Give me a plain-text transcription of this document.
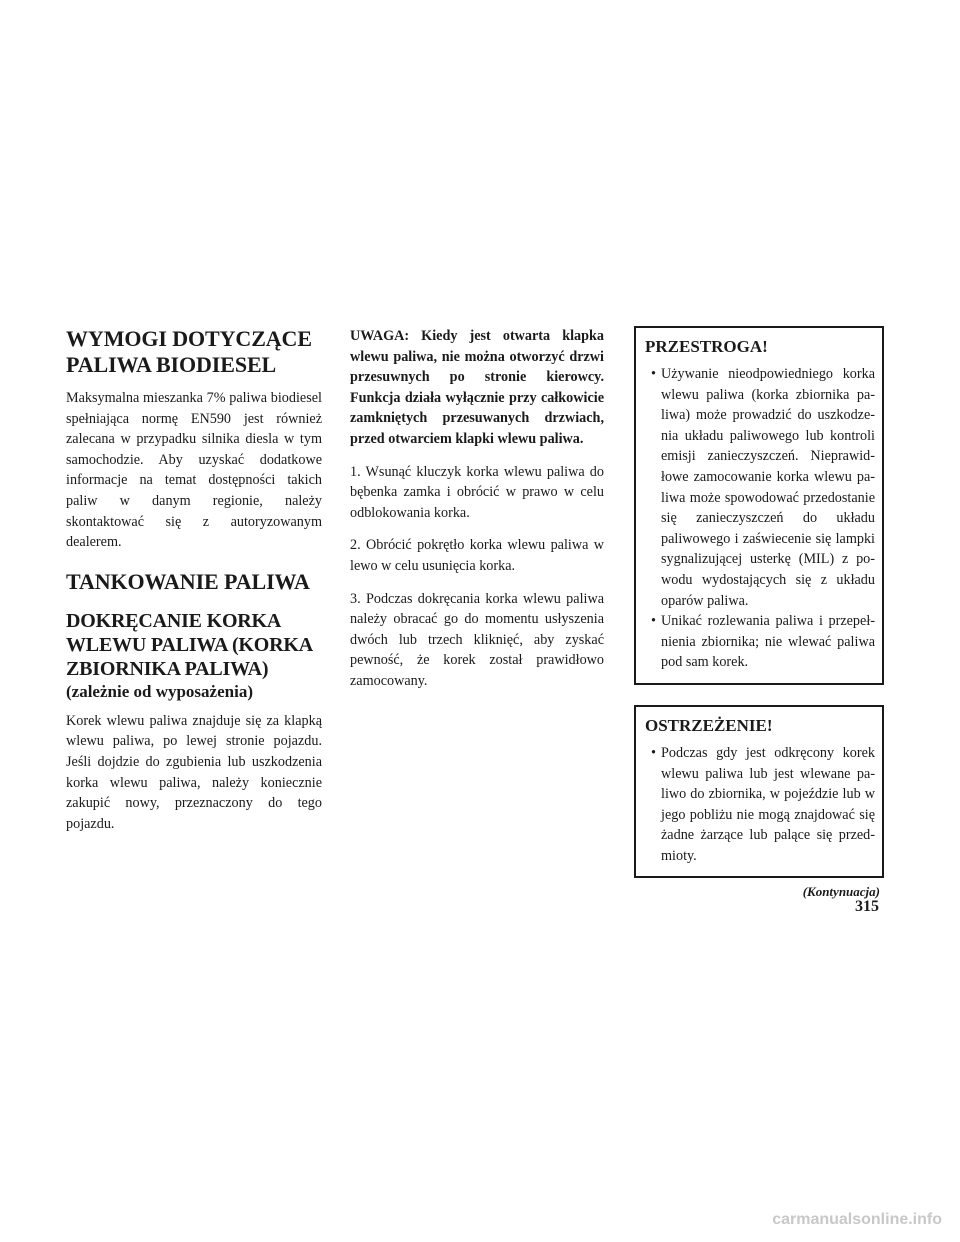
WYMOGI DOTYCZĄCE
PALIWA BIODIESEL

Maksymalna mieszanka 7% paliwa biodiesel spełniająca normę EN590 jest również zalecana w przypadku silnika diesla w tym samochodzie. Aby uzyskać dodatkowe informacje na temat dostępności takich paliw w danym regionie, należy skontaktować się z autoryzowanym dealerem.

TANKOWANIE PALIWA
DOKRĘCANIE KORKA
WLEWU PALIWA (KORKA
ZBIORNIKA PALIWA)
(zależnie od wyposażenia)

Korek wlewu paliwa znajduje się za klapką wlewu paliwa, po lewej stronie pojazdu. Jeśli dojdzie do zgubienia lub uszkodzenia korka wlewu paliwa, należy koniecznie zakupić nowy, przeznaczony do tego pojazdu.

UWAGA: Kiedy jest otwarta klapka wlewu paliwa, nie można otworzyć drzwi przesuwnych po stronie kierowcy. Funkcja działa wyłącznie przy całkowicie zamkniętych przesuwanych drzwiach, przed otwarciem klapki wlewu paliwa.

1. Wsunąć kluczyk korka wlewu paliwa do bębenka zamka i obrócić w prawo w celu odblokowania korka.

2. Obrócić pokrętło korka wlewu paliwa w lewo w celu usunięcia korka.

3. Podczas dokręcania korka wlewu paliwa należy obracać go do momentu usłyszenia dwóch lub trzech kliknięć, aby zyskać pewność, że korek został prawidłowo zamocowany.

PRZESTROGA!
• Używanie nieodpowiedniego korka wlewu paliwa (korka zbiornika paliwa) może prowadzić do uszkodzenia układu paliwowego lub kontroli emisji zanieczyszczeń. Nieprawidłowe zamocowanie korka wlewu paliwa może spowodować przedostanie się zanieczyszczeń do układu paliwowego i zaświecenie się lampki sygnalizującej usterkę (MIL) z powodu wydostających się z układu oparów paliwa.
• Unikać rozlewania paliwa i przepełnienia zbiornika; nie wlewać paliwa pod sam korek.
OSTRZEŻENIE!
• Podczas gdy jest odkręcony korek wlewu paliwa lub jest wlewane paliwo do zbiornika, w pojeździe lub w jego pobliżu nie mogą znajdować się żadne żarzące lub palące się przedmioty.
(Kontynuacja)
315
carmanualsonline.info
